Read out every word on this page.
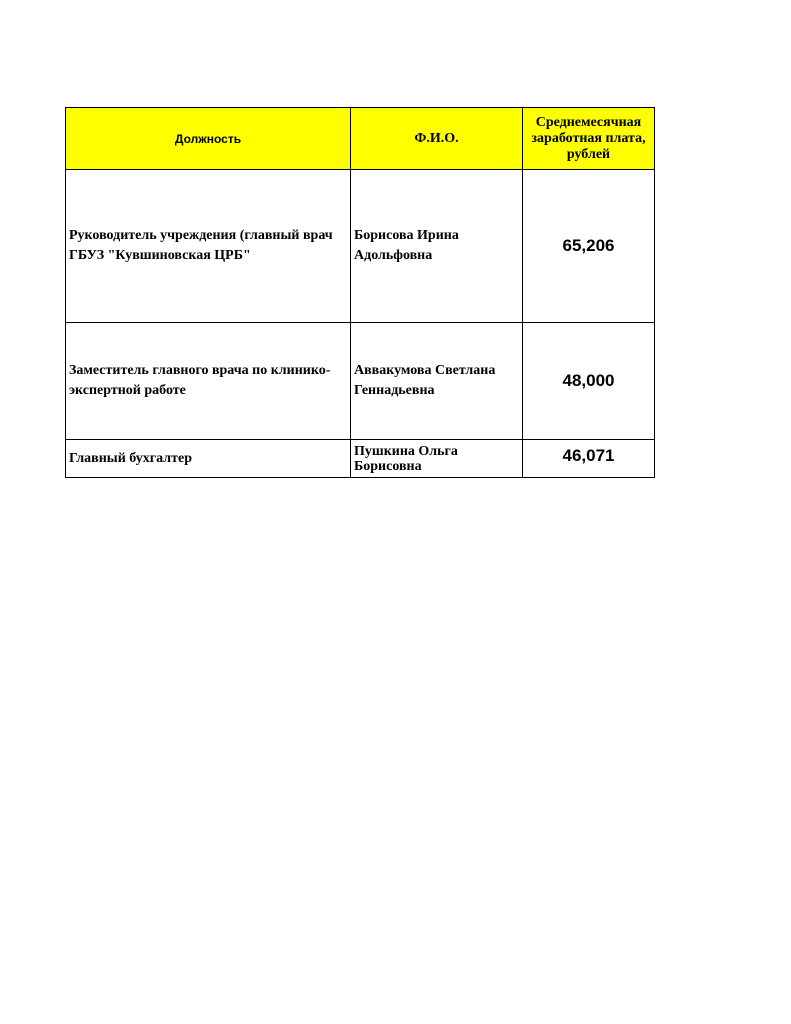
Должность	Ф.И.О.	Среднемесячная заработная плата, рублей
Руководитель учреждения (главный врач ГБУЗ "Кувшиновская ЦРБ"	Борисова Ирина Адольфовна	65,206
Заместитель главного врача по клинико-экспертной работе	Аввакумова Светлана Геннадьевна	48,000
Главный бухгалтер	Пушкина Ольга Борисовна	46,071
